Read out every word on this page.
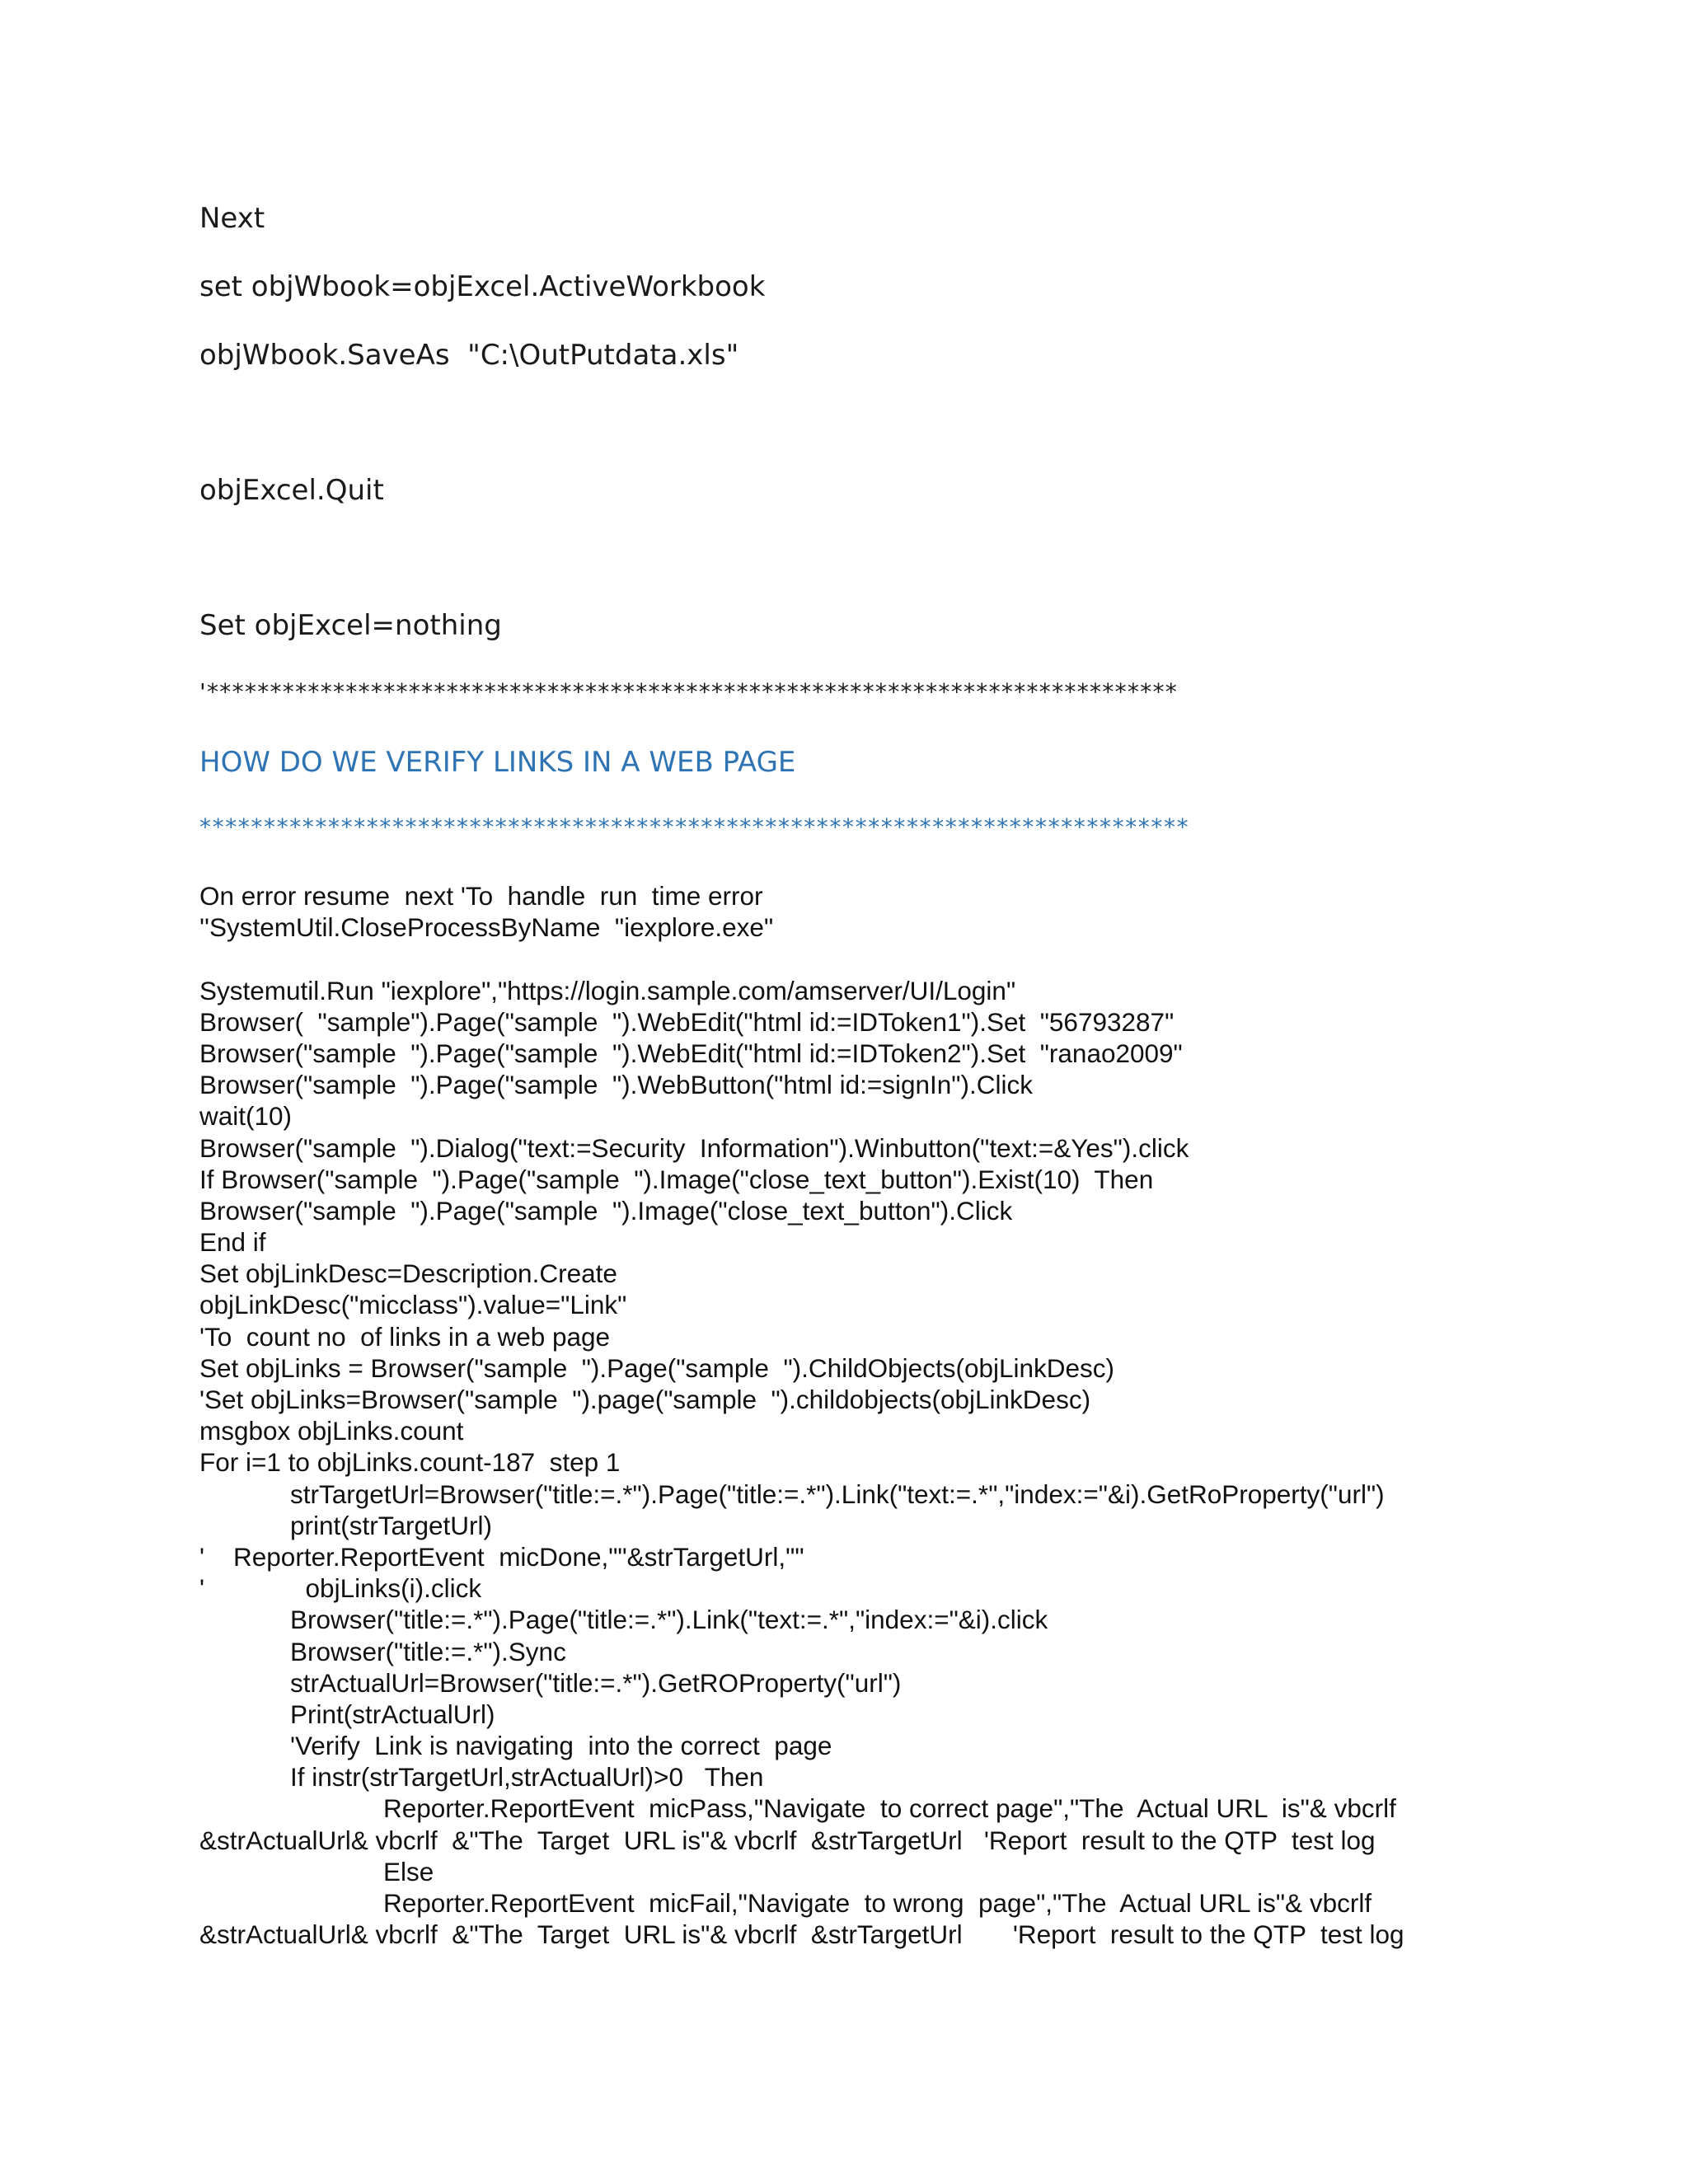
Next
set objWbook=objExcel.ActiveWorkbook
objWbook.SaveAs  "C:\OutPutdata.xls"
objExcel.Quit
Set objExcel=nothing
'*****************************************************************************
HOW DO WE VERIFY LINKS IN A WEB PAGE
*****************************************************************************
On error resume  next 'To  handle  run  time error
''SystemUtil.CloseProcessByName  "iexplore.exe"
Systemutil.Run "iexplore","https://login.sample.com/amserver/UI/Login"
Browser(  "sample").Page("sample  ").WebEdit("html id:=IDToken1").Set  "56793287"
Browser("sample  ").Page("sample  ").WebEdit("html id:=IDToken2").Set  "ranao2009"
Browser("sample  ").Page("sample  ").WebButton("html id:=signIn").Click
wait(10)
Browser("sample  ").Dialog("text:=Security  Information").Winbutton("text:=&Yes").click
If Browser("sample  ").Page("sample  ").Image("close_text_button").Exist(10)  Then
Browser("sample  ").Page("sample  ").Image("close_text_button").Click
End if
Set objLinkDesc=Description.Create
objLinkDesc("micclass").value="Link"
'To  count no  of links in a web page
Set objLinks = Browser("sample  ").Page("sample  ").ChildObjects(objLinkDesc)
'Set objLinks=Browser("sample  ").page("sample  ").childobjects(objLinkDesc)
msgbox objLinks.count
For i=1 to objLinks.count-187  step 1
strTargetUrl=Browser("title:=.*").Page("title:=.*").Link("text:=.*","index:="&i).GetRoProperty("url")
print(strTargetUrl)
'    Reporter.ReportEvent  micDone,""&strTargetUrl,""
'              objLinks(i).click
Browser("title:=.*").Page("title:=.*").Link("text:=.*","index:="&i).click
Browser("title:=.*").Sync
strActualUrl=Browser("title:=.*").GetROProperty("url")
Print(strActualUrl)
'Verify  Link is navigating  into the correct  page
If instr(strTargetUrl,strActualUrl)>0   Then
Reporter.ReportEvent  micPass,"Navigate  to correct page","The  Actual URL  is"& vbcrlf
&strActualUrl& vbcrlf  &"The  Target  URL is"& vbcrlf  &strTargetUrl   'Report  result to the QTP  test log
Else
Reporter.ReportEvent  micFail,"Navigate  to wrong  page","The  Actual URL is"& vbcrlf
&strActualUrl& vbcrlf  &"The  Target  URL is"& vbcrlf  &strTargetUrl       'Report  result to the QTP  test log
